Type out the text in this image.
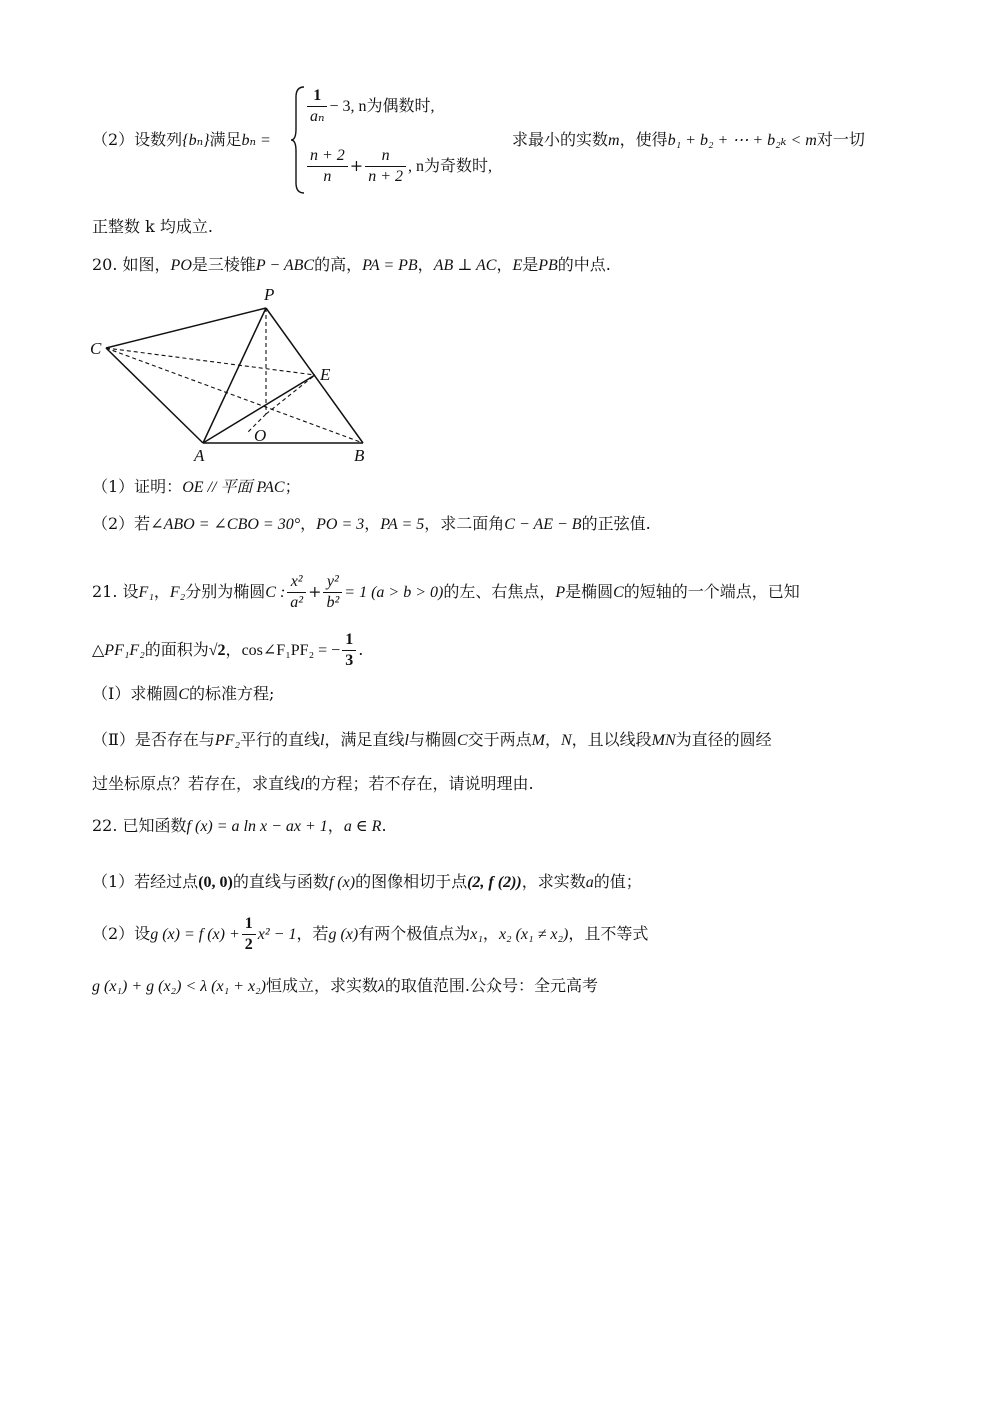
（2）设数列{bₙ}满足bₙ =
$\frac{1}{\text{aₙ}} - 3$, n为偶数时,
$\frac{n + 2}{n} + \frac{n}{n + 2}$ , n为奇数时,
求最小的实数m，使得b₁ + b₂ + ⋯ + b₂ₖ < m对一切
正整数 k 均成立.
20. 如图，PO是三棱锥P − ABC的高，PA = PB，AB ⊥ AC，E是PB的中点.
P
C
E
O
A	B
（1）证明：OE // 平面 PAC；
（2）若∠ABO = ∠CBO = 30°，PO = 3，PA = 5，求二面角C − AE − B的正弦值.
21. 设F₁，F₂分别为椭圆C : $\frac{\text{x²}}{\text{a²}} + \frac{\text{y²}}{\text{b²}} = 1$ (a > b > 0)的左、右焦点，P是椭圆C的短轴的一个端点，已知
△PF₁F₂的面积为√2，cos∠F₁PF₂ = − $\frac{1}{3}$ .
（Ⅰ）求椭圆C的标准方程;
（Ⅱ）是否存在与PF₂平行的直线l，满足直线l与椭圆C交于两点M，N，且以线段MN为直径的圆经
过坐标原点？若存在，求直线l的方程；若不存在，请说明理由.
22. 已知函数f (x) = a ln x − ax + 1，a ∈ R.
（1）若经过点(0, 0)的直线与函数f (x)的图像相切于点(2, f (2))，求实数a的值；
（2）设g (x) = f $(x) + \frac{1}{2} x^2 - 1$，若g (x)有两个极值点为x₁，x₂ (x₁ ≠ x₂)，且不等式
g (x₁) + g (x₂) < λ (x₁ + x₂)恒成立，求实数λ的取值范围.公众号：全元高考
